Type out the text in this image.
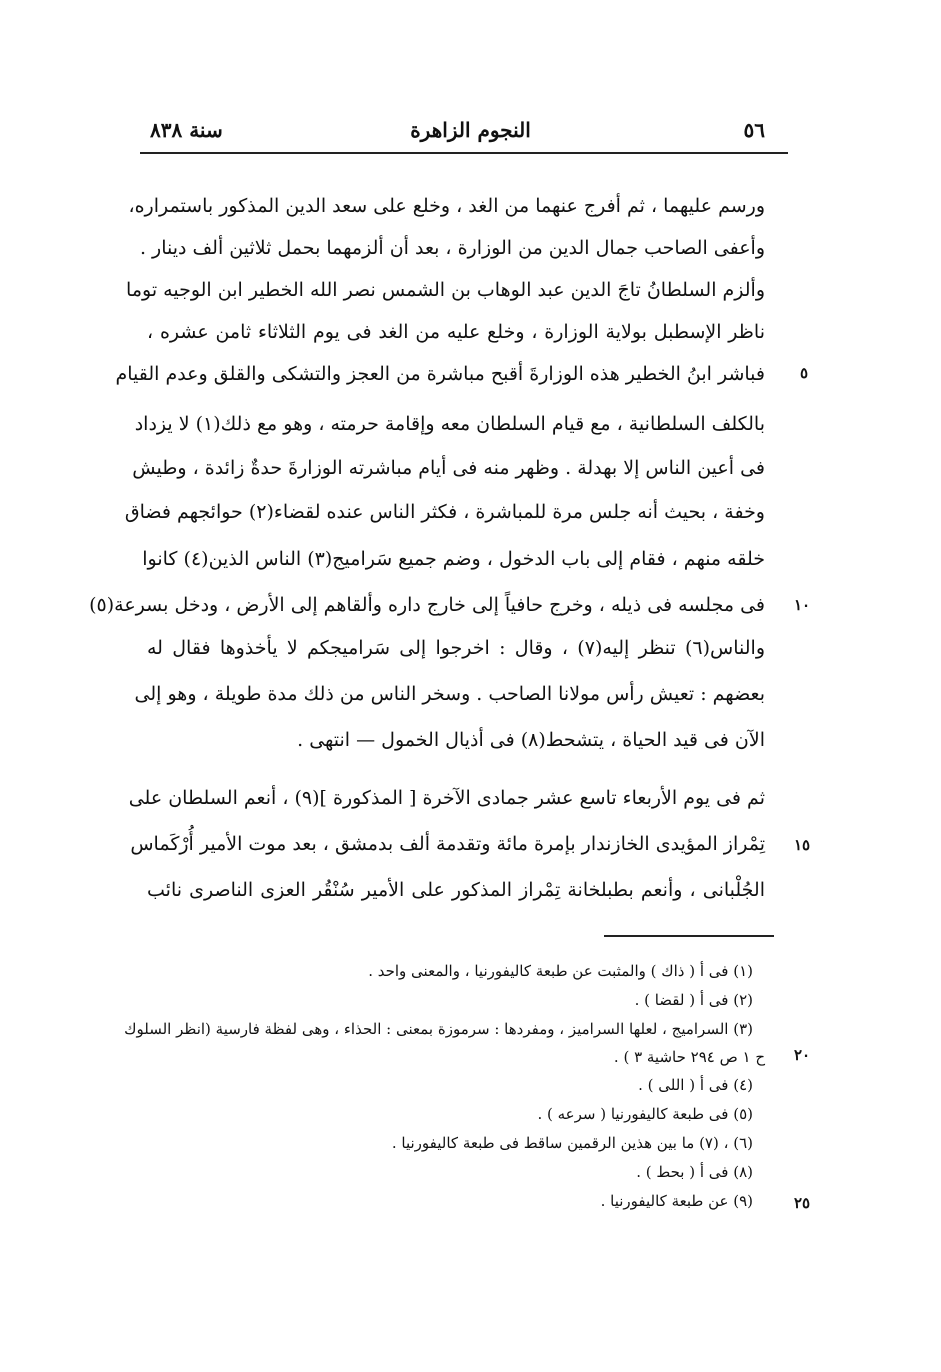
٥٦
النجوم الزاهرة
سنة ٨٣٨
ورسم عليهما ، ثم أفرج عنهما من الغد ، وخلع على سعد الدين المذكور باستمراره،
وأعفى الصاحب جمال الدين من الوزارة ، بعد أن ألزمهما بحمل ثلاثين ألف دينار .
وألزم السلطانُ تاجَ الدين عبد الوهاب بن الشمس نصر الله الخطير ابن الوجيه توما
ناظر الإسطبل بولاية الوزارة ، وخلع عليه من الغد فى يوم الثلاثاء ثامن عشره ،
فباشر ابنُ الخطير هذه الوزارةَ أقبح مباشرة من العجز والتشكى والقلق وعدم القيام
بالكلف السلطانية ، مع قيام السلطان معه وإقامة حرمته ، وهو مع ذلك(١) لا يزداد
فى أعين الناس إلا بهدلة . وظهر منه فى أيام مباشرته الوزارةَ حدةٌ زائدة ، وطيش
وخفة ، بحيث أنه جلس مرة للمباشرة ، فكثر الناس عنده لقضاء(٢) حوائجهم فضاق
خلقه منهم ، فقام إلى باب الدخول ، وضم جميع سَراميج(٣) الناس الذين(٤) كانوا
فى مجلسه فى ذيله ، وخرج حافياً إلى خارج داره وألقاهم إلى الأرض ، ودخل بسرعة(٥)
والناس(٦) تنظر إليه(٧) ، وقال : اخرجوا إلى سَراميجكم لا يأخذوها فقال له
بعضهم : تعيش رأس مولانا الصاحب . وسخر الناس من ذلك مدة طويلة ، وهو إلى
الآن فى قيد الحياة ، يتشحط(٨) فى أذيال الخمول — انتهى .
ثم فى يوم الأربعاء تاسع عشر جمادى الآخرة [ المذكورة ](٩) ، أنعم السلطان على
تِمْراز المؤيدى الخازندار بإمرة مائة وتقدمة ألف بدمشق ، بعد موت الأمير أُرْكَماس
الجُلْبانى ، وأنعم بطبلخانة تِمْراز المذكور على الأمير سُنْقُر العزى الناصرى نائب
٥
١٠
١٥
٢٠
٢٥
(١) فى أ ( ذاك ) والمثبت عن طبعة كاليفورنيا ، والمعنى واحد .
(٢) فى أ ( لقضا ) .
(٣) السراميج ، لعلها السراميز ، ومفردها : سرموزة بمعنى : الحذاء ، وهى لفظة فارسية (انظر السلوك
ح ١ ص ٢٩٤ حاشية ٣ ) .
(٤) فى أ ( اللى ) .
(٥) فى طبعة كاليفورنيا ( سرعه ) .
(٦) ، (٧) ما بين هذين الرقمين ساقط فى طبعة كاليفورنيا .
(٨) فى أ ( بحط ) .
(٩) عن طبعة كاليفورنيا .
